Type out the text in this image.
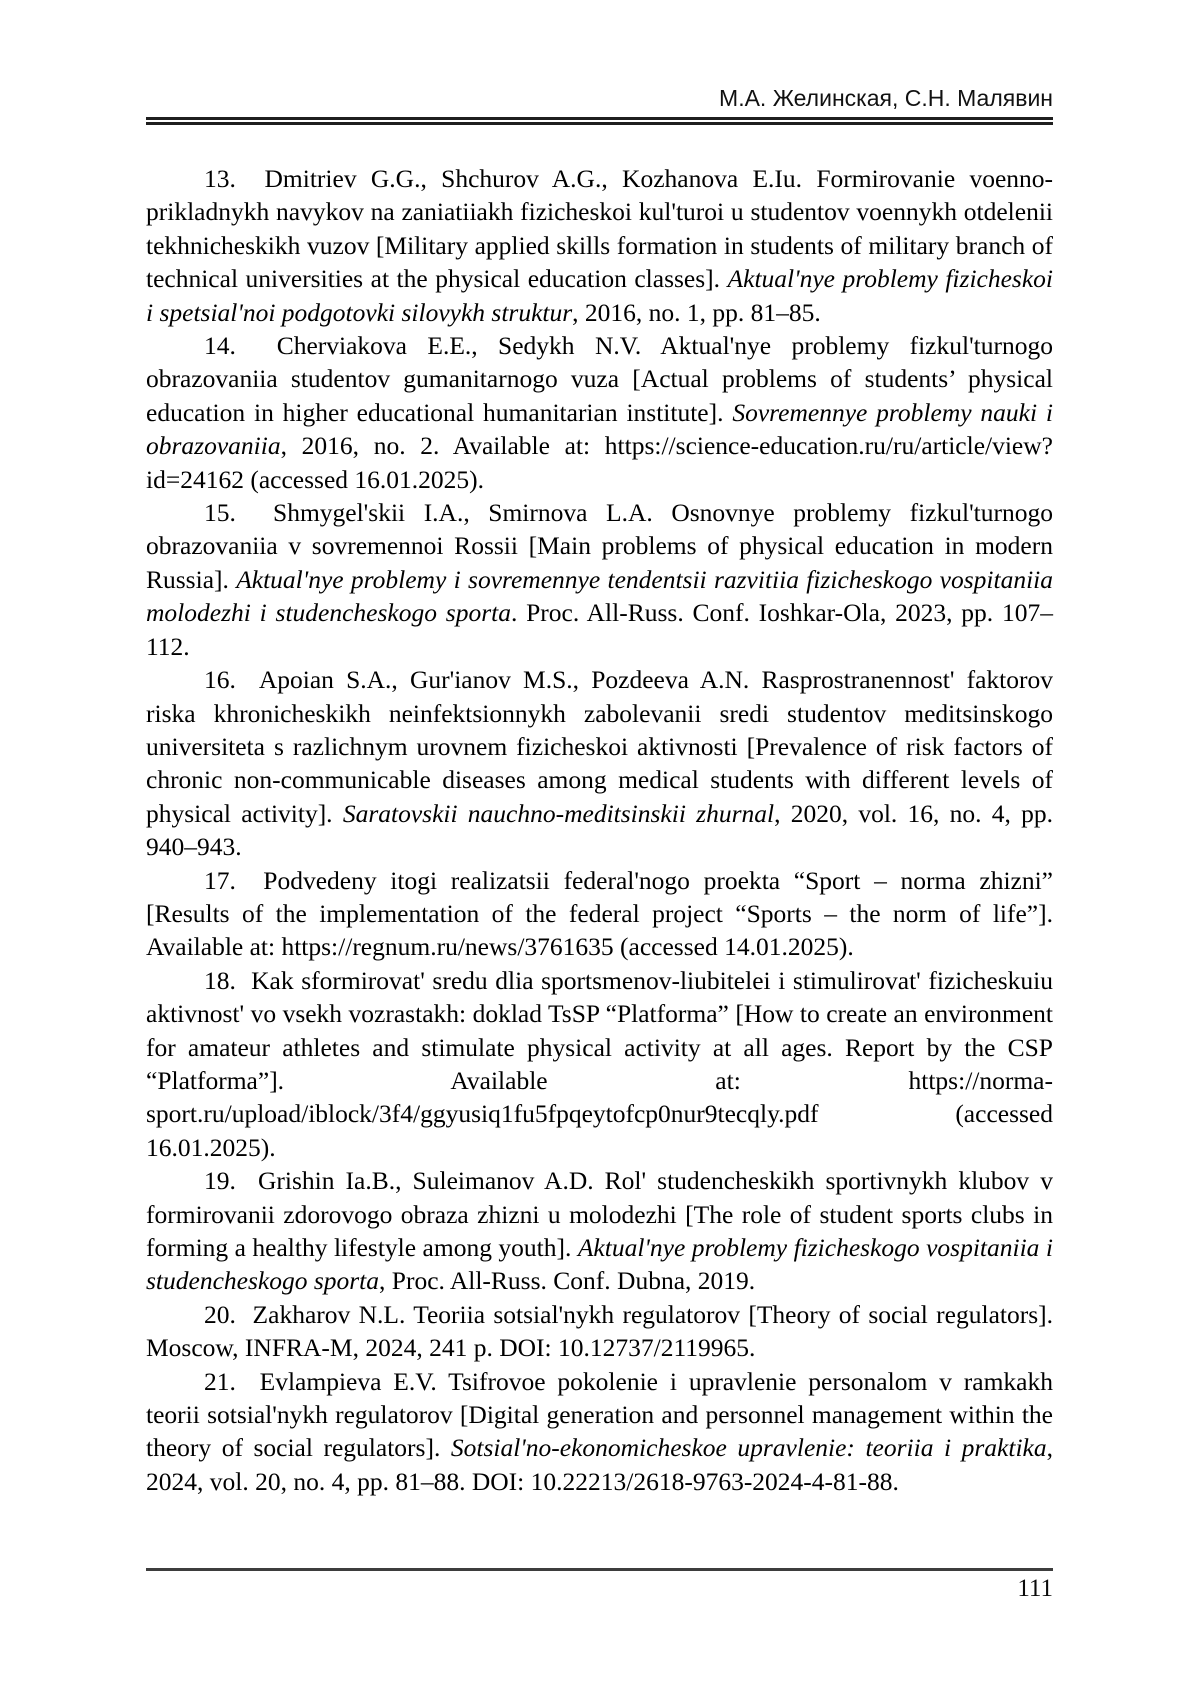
М.А. Желинская, С.Н. Малявин

13.  Dmitriev G.G., Shchurov A.G., Kozhanova E.Iu. Formirovanie voenno-prikladnykh navykov na zaniatiiakh fizicheskoi kul'turoi u studentov voennykh otdelenii tekhnicheskikh vuzov [Military applied skills formation in students of military branch of technical universities at the physical education classes]. Aktual'nye problemy fizicheskoi i spetsial'noi podgotovki silovykh struktur, 2016, no. 1, pp. 81–85.

14.  Cherviakova E.E., Sedykh N.V. Aktual'nye problemy fizkul'turnogo obrazovaniia studentov gumanitarnogo vuza [Actual problems of students’ physical education in higher educational humanitarian institute]. Sovremennye problemy nauki i obrazovaniia, 2016, no. 2. Available at: https://science-education.ru/ru/article/view?id=24162 (accessed 16.01.2025).

15.  Shmygel'skii I.A., Smirnova L.A. Osnovnye problemy fizkul'turnogo obrazovaniia v sovremennoi Rossii [Main problems of physical education in modern Russia]. Aktual'nye problemy i sovremennye tendentsii razvitiia fizicheskogo vospitaniia molodezhi i studencheskogo sporta. Proc. All-Russ. Conf. Ioshkar-Ola, 2023, pp. 107–112.

16.  Apoian S.A., Gur'ianov M.S., Pozdeeva A.N. Rasprostranennost' faktorov riska khronicheskikh neinfektsionnykh zabolevanii sredi studentov meditsinskogo universiteta s razlichnym urovnem fizicheskoi aktivnosti [Prevalence of risk factors of chronic non-communicable diseases among medical students with different levels of physical activity]. Saratovskii nauchno-meditsinskii zhurnal, 2020, vol. 16, no. 4, pp. 940–943.

17.  Podvedeny itogi realizatsii federal'nogo proekta “Sport – norma zhizni” [Results of the implementation of the federal project “Sports – the norm of life”]. Available at: https://regnum.ru/news/3761635 (accessed 14.01.2025).

18.  Kak sformirovat' sredu dlia sportsmenov-liubitelei i stimulirovat' fizicheskuiu aktivnost' vo vsekh vozrastakh: doklad TsSP “Platforma” [How to create an environment for amateur athletes and stimulate physical activity at all ages. Report by the CSP “Platforma”]. Available at: https://norma-sport.ru/upload/iblock/3f4/ggyusiq1fu5fpqeytofcp0nur9tecqly.pdf (accessed 16.01.2025).

19.  Grishin Ia.B., Suleimanov A.D. Rol' studencheskikh sportivnykh klubov v formirovanii zdorovogo obraza zhizni u molodezhi [The role of student sports clubs in forming a healthy lifestyle among youth]. Aktual'nye problemy fizicheskogo vospitaniia i studencheskogo sporta, Proc. All-Russ. Conf. Dubna, 2019.

20.  Zakharov N.L. Teoriia sotsial'nykh regulatorov [Theory of social regulators]. Moscow, INFRA-M, 2024, 241 p. DOI: 10.12737/2119965.

21.  Evlampieva E.V. Tsifrovoe pokolenie i upravlenie personalom v ramkakh teorii sotsial'nykh regulatorov [Digital generation and personnel management within the theory of social regulators]. Sotsial'no-ekonomicheskoe upravlenie: teoriia i praktika, 2024, vol. 20, no. 4, pp. 81–88. DOI: 10.22213/2618-9763-2024-4-81-88.

111
